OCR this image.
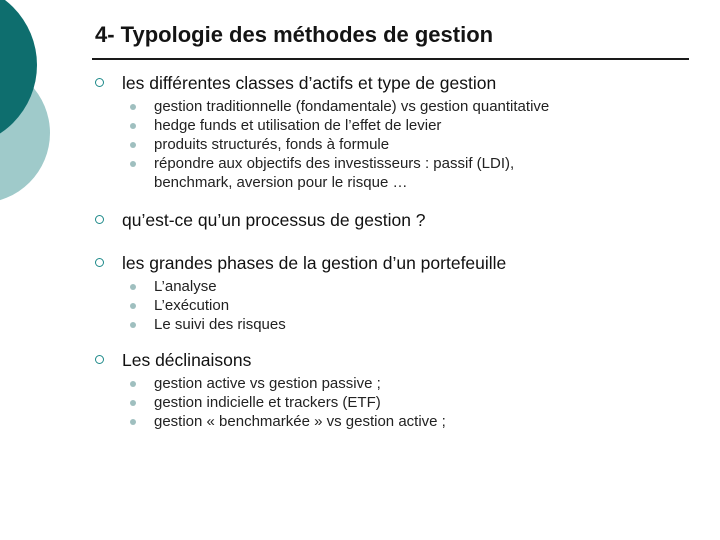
4- Typologie des méthodes de gestion
les différentes classes d’actifs et type de gestion
gestion traditionnelle (fondamentale) vs gestion quantitative
hedge funds et utilisation de l’effet de levier
produits structurés, fonds à formule
répondre aux objectifs des investisseurs : passif (LDI),
benchmark, aversion pour le risque …
qu’est-ce qu’un processus de gestion ?
les grandes phases de la gestion d’un portefeuille
L’analyse
L’exécution
Le suivi des risques
Les déclinaisons
gestion active vs gestion passive ;
gestion indicielle et trackers (ETF)
gestion « benchmarkée » vs gestion active ;
